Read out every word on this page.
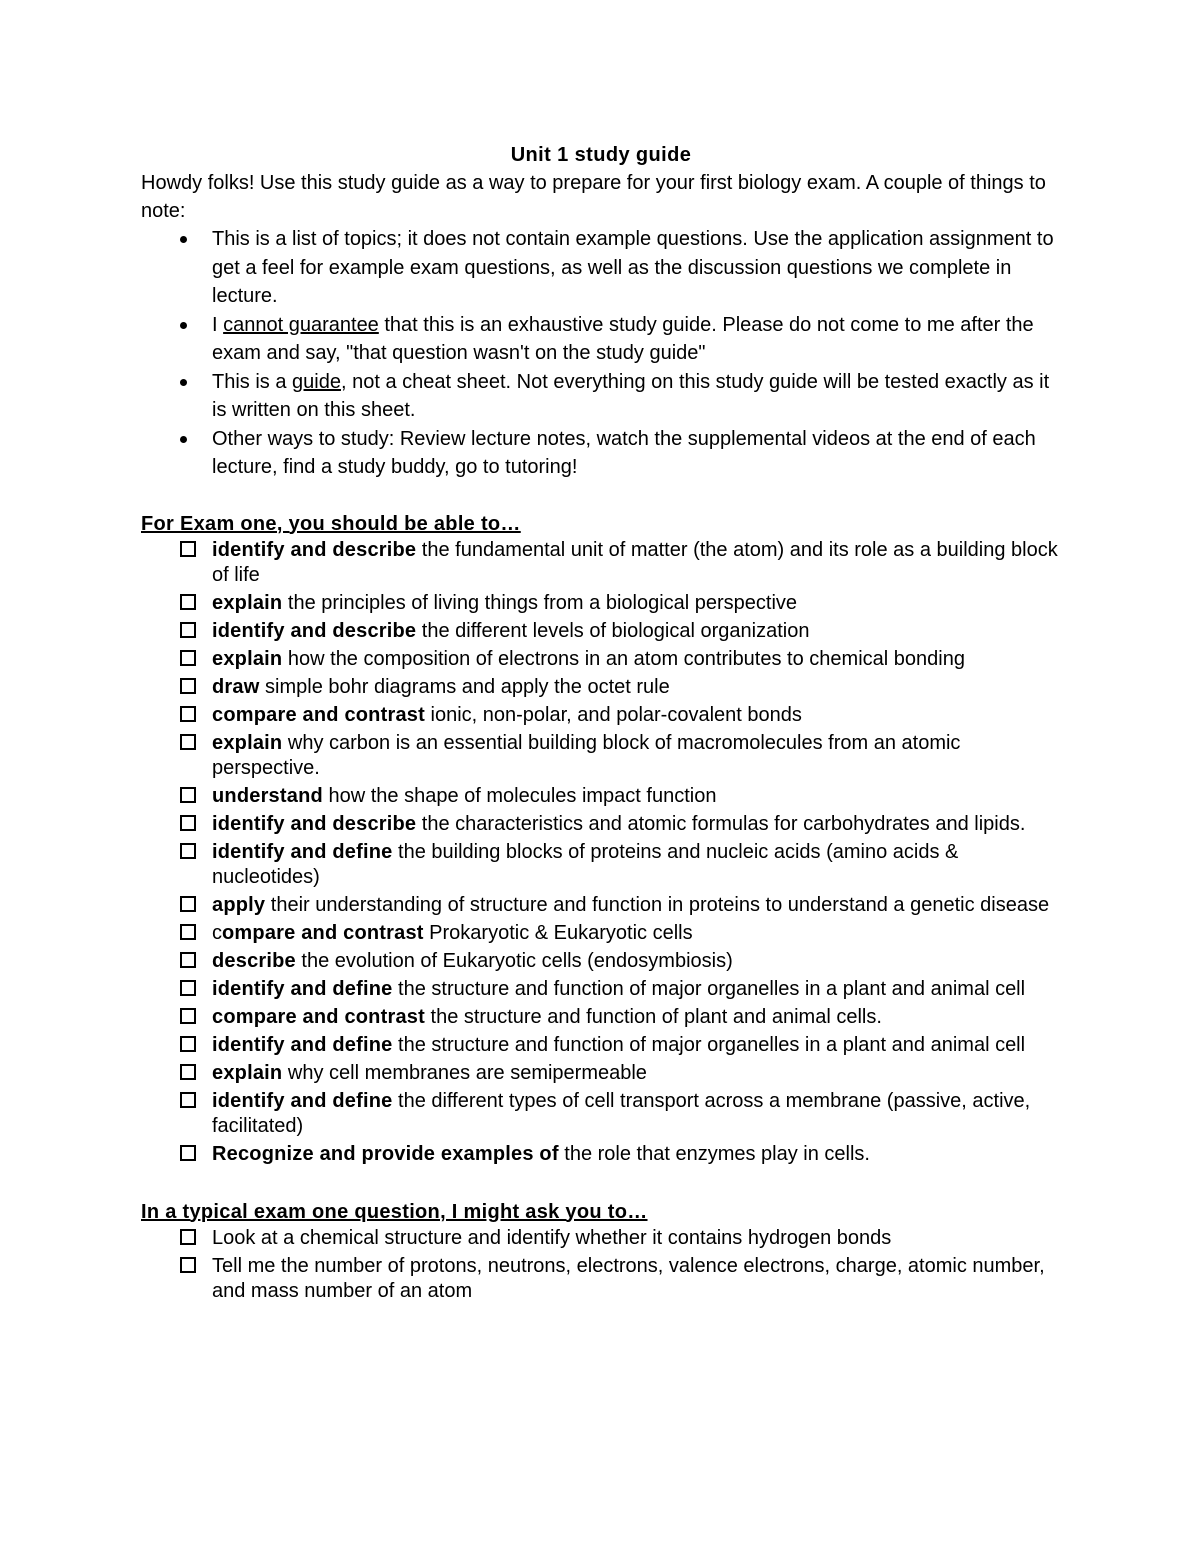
Unit 1 study guide

Howdy folks! Use this study guide as a way to prepare for your first biology exam. A couple of things to note:

This is a list of topics; it does not contain example questions. Use the application assignment to get a feel for example exam questions, as well as the discussion questions we complete in lecture.
I cannot guarantee that this is an exhaustive study guide. Please do not come to me after the exam and say, "that question wasn't on the study guide"
This is a guide, not a cheat sheet. Not everything on this study guide will be tested exactly as it is written on this sheet.
Other ways to study: Review lecture notes, watch the supplemental videos at the end of each lecture, find a study buddy, go to tutoring!

For Exam one, you should be able to…

identify and describe the fundamental unit of matter (the atom) and its role as a building block of life
explain the principles of living things from a biological perspective
identify and describe the different levels of biological organization
explain how the composition of electrons in an atom contributes to chemical bonding
draw simple bohr diagrams and apply the octet rule
compare and contrast ionic, non-polar, and polar-covalent bonds
explain why carbon is an essential building block of macromolecules from an atomic perspective.
understand how the shape of molecules impact function
identify and describe the characteristics and atomic formulas for carbohydrates and lipids.
identify and define the building blocks of proteins and nucleic acids (amino acids & nucleotides)
apply their understanding of structure and function in proteins to understand a genetic disease
compare and contrast Prokaryotic & Eukaryotic cells
describe the evolution of Eukaryotic cells (endosymbiosis)
identify and define the structure and function of major organelles in a plant and animal cell
compare and contrast the structure and function of plant and animal cells.
identify and define the structure and function of major organelles in a plant and animal cell
explain why cell membranes are semipermeable
identify and define the different types of cell transport across a membrane (passive, active, facilitated)
Recognize and provide examples of the role that enzymes play in cells.

In a typical exam one question, I might ask you to…

Look at a chemical structure and identify whether it contains hydrogen bonds
Tell me the number of protons, neutrons, electrons, valence electrons, charge, atomic number, and mass number of an atom
